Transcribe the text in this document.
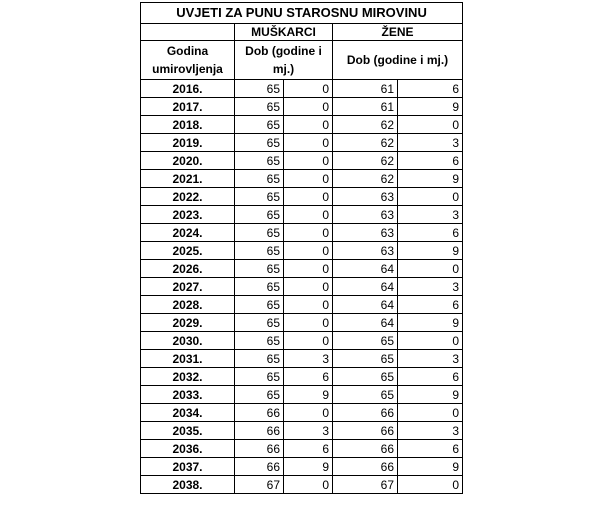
UVJETI ZA PUNU STAROSNU MIROVINU				
	MUŠKARCI		ŽENE	
Godina umirovljenja	Dob (godine i mj.)		Dob (godine i mj.)	
2016.	65	0	61	6
2017.	65	0	61	9
2018.	65	0	62	0
2019.	65	0	62	3
2020.	65	0	62	6
2021.	65	0	62	9
2022.	65	0	63	0
2023.	65	0	63	3
2024.	65	0	63	6
2025.	65	0	63	9
2026.	65	0	64	0
2027.	65	0	64	3
2028.	65	0	64	6
2029.	65	0	64	9
2030.	65	0	65	0
2031.	65	3	65	3
2032.	65	6	65	6
2033.	65	9	65	9
2034.	66	0	66	0
2035.	66	3	66	3
2036.	66	6	66	6
2037.	66	9	66	9
2038.	67	0	67	0
